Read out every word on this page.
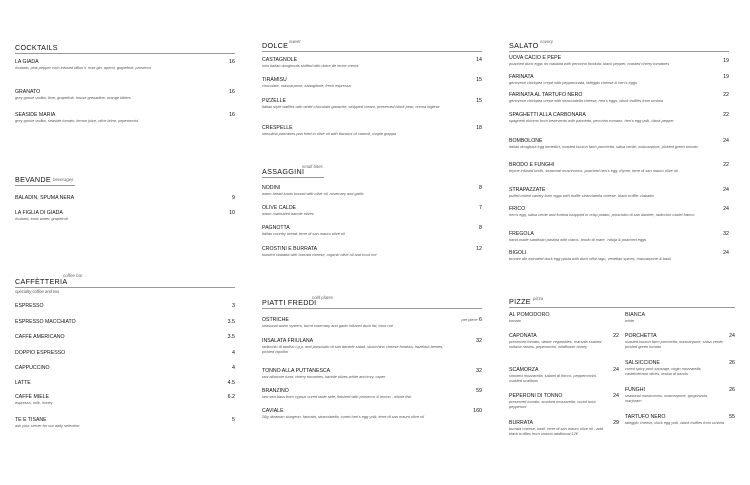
COCKTAILS
LA GIADA
rhubarb, pink pepper corn infused dillon's' rose gin, aperol, grapefruit, prosecco
16
GRANATO
grey goose vodka, lime, grapefruit, house grenadine, orange bitters
16
SEASIDE MARIA
grey goose vodka, seaside tomato, lemon juice, olive brine, peperoncini
16
BEVANDE beverages
BALADIN, SPUMA NERA	9
LA FIGLIA DI GIADA
rhubarb, tonic water, grapefruit
10
CAFFÈTTERIA
coffee bar
specialty coffee and tea
ESPRESSO	3
ESPRESSO MACCHIATO	3.5
CAFFE AMERICANO	3.5
DOPPIO ESPRESSO	4
CAPPUCCINO	4
LATTE	4.5
CAFFÈ MIELE
espresso, milk, honey
6.2
TE E TISANE
ask your server for our daily selection
5
DOLCE sweet
CASTAGNOLE
mini italian doughnuts stuffed with dulce de leche crema
14
TIRAMISU
chocolate, mascarpone, zabaglione, fresh espresso
15
PIZZELLE
italian style waffles with white chocolate ganache, whipped cream, preserved black pear, crema inglese
15
CRESPELLE
semolina pancakes pan fried in olive oil with flavours of cannoli, maple grappa
18
ASSAGGINI
small bites
NODINI
warm bread knots tossed with olive oil, rosemary and garlic
8
OLIVE CALDE
warm marinated banole olives
7
PAGNOTTA
italian country bread, terre di san mauro olive oil
8
CROSTINI E BURRATA
toasted ciabatta with burrata cheese, organic olive oil and trout roe
12
PIATTI FREDDI
cold plates
OSTRICHE
seasonal warm oysters, burnt rosemary and garlic infused duck fat, trout roe
per piece 6
INSALATA FRIULANA
radicchio di tardivo i.g.p. and prosciutto di san daniele salad, stracchino cheese fonduta, hazelnut berries, pickled cipollini
32
TONNO ALLA PUTTANESCA
raw albacore tuna, cherry tomatoes, banole olives,white anchovy, caper
32
BRANZINO
raw sea bass from cyprus cured table side, finished with prosecco & lemon - whole fish
59
CAVIALE
28g ukranian sturgeon, farinata, stracciatella, cured hen's egg yolk, terre di san mauro olive oil
160
SALATO savory
UOVA CACIO E PEPE
poached duck eggs on ciabatta with pecorino fonduta, black pepper, roasted cherry tomatoes	19
FARINATA
genovese chickpea crepe with pepperonata, taleggio cheese & hen's eggs
19
FARINATA AL TARTUFO NERO
genovese chickpea crepe with stracciatella cheese, hen's eggs, black truffles from umbria
22
SPAGHETTI ALLA CARBONARA
spaghetti nummo from benevento with pancetta, pecorino romano, hen's egg yolk, black pepper
22
BOMBOLONE
italian doughnut egg benedict, roasted kurzon farm porchetta, salsa verde, mascarpone, pickled green tomato
24
BRODO E FUNGHI
thyme infused broth, seasonal mushrooms, poached hen's egg, thyme, terre di san mauro olive oil
22
STRAPAZZATE
pulled mixed variety farm eggs with truffle stracciatella cheese, black truffle, ciabatta
24
FRICO
hen's egg, salsa verde and fontina wrapped in crisp potato, prosciutto di san daniele, radicchio castel franco
24
FREGOLA
hand-made sardinian pastina with clams, brodo di mare, 'nduja & poached eggs
32
BIGOLI
bronze die extruded duck egg pasta with duck offal ragu, venetian spices, mascarpone & basil
24
PIZZE pizza
AL POMODORO
tomato
CAPONATA
preserved tomato, winter vegetables, marsala soaked sultana raisins, peperoncini, wildflower honey
22
SCAMORZA
smoked mozzarella, salami di fiocco, pepperoncini, roasted scallions
24
PEPERONI DI TONNO
preserved tomato, smoked mozzarella, cured tuna pepperoni
24
BURRATA
burrata cheese, basil, terre di san mauro olive oil - add black truffles from umbria additional 12€
29
BIANCA
white
PORCHETTA
roasted kurzon farm porchetta, mascarpone, salsa verde, pickled green tomato
24
SALSICCIONE
cured spicy pork sausage, virgin mozzarella, castelvetrano olives, testun di barolo
26
FUNGHI
seasonal mushrooms, mascarpone, gorgonzola, marjoram
26
TARTUFO NERO
taleggio cheese, duck egg yolk, black truffles from umbria
55
